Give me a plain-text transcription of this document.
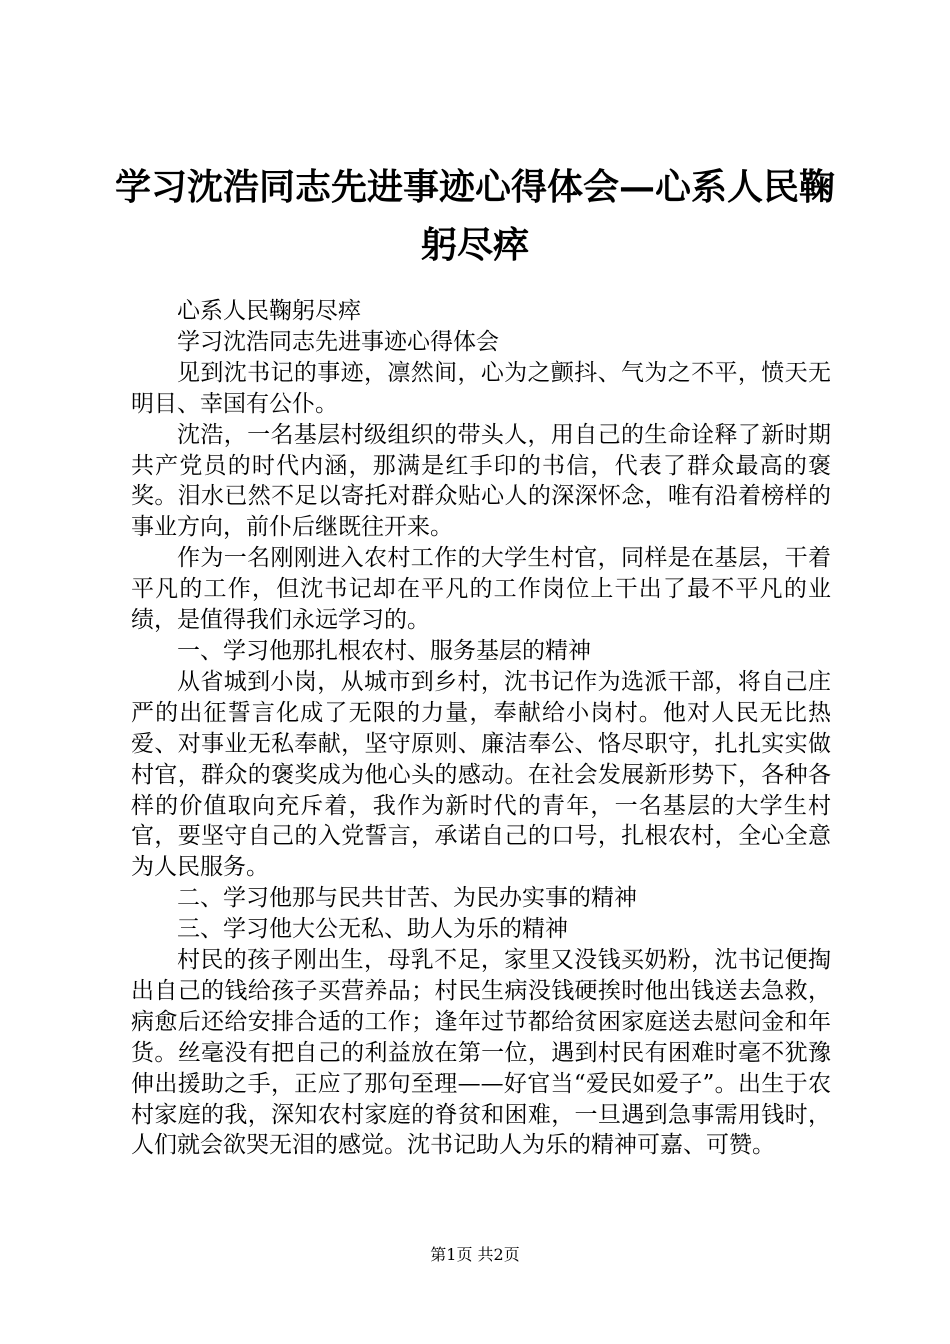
学习沈浩同志先进事迹心得体会—心系人民鞠躬尽瘁

心系人民鞠躬尽瘁

学习沈浩同志先进事迹心得体会

见到沈书记的事迹，凛然间，心为之颤抖、气为之不平，愤天无明目、幸国有公仆。

沈浩，一名基层村级组织的带头人，用自己的生命诠释了新时期共产党员的时代内涵，那满是红手印的书信，代表了群众最高的褒奖。泪水已然不足以寄托对群众贴心人的深深怀念，唯有沿着榜样的事业方向，前仆后继既往开来。

作为一名刚刚进入农村工作的大学生村官，同样是在基层，干着平凡的工作，但沈书记却在平凡的工作岗位上干出了最不平凡的业绩，是值得我们永远学习的。

一、学习他那扎根农村、服务基层的精神

从省城到小岗，从城市到乡村，沈书记作为选派干部，将自己庄严的出征誓言化成了无限的力量，奉献给小岗村。他对人民无比热爱、对事业无私奉献，坚守原则、廉洁奉公、恪尽职守，扎扎实实做村官，群众的褒奖成为他心头的感动。在社会发展新形势下，各种各样的价值取向充斥着，我作为新时代的青年，一名基层的大学生村官，要坚守自己的入党誓言，承诺自己的口号，扎根农村，全心全意为人民服务。

二、学习他那与民共甘苦、为民办实事的精神

三、学习他大公无私、助人为乐的精神

村民的孩子刚出生，母乳不足，家里又没钱买奶粉，沈书记便掏出自己的钱给孩子买营养品；村民生病没钱硬挨时他出钱送去急救，病愈后还给安排合适的工作；逢年过节都给贫困家庭送去慰问金和年货。丝毫没有把自己的利益放在第一位，遇到村民有困难时毫不犹豫伸出援助之手，正应了那句至理——好官当“爱民如爱子”。出生于农村家庭的我，深知农村家庭的脊贫和困难，一旦遇到急事需用钱时，人们就会欲哭无泪的感觉。沈书记助人为乐的精神可嘉、可赞。

第1页 共2页
